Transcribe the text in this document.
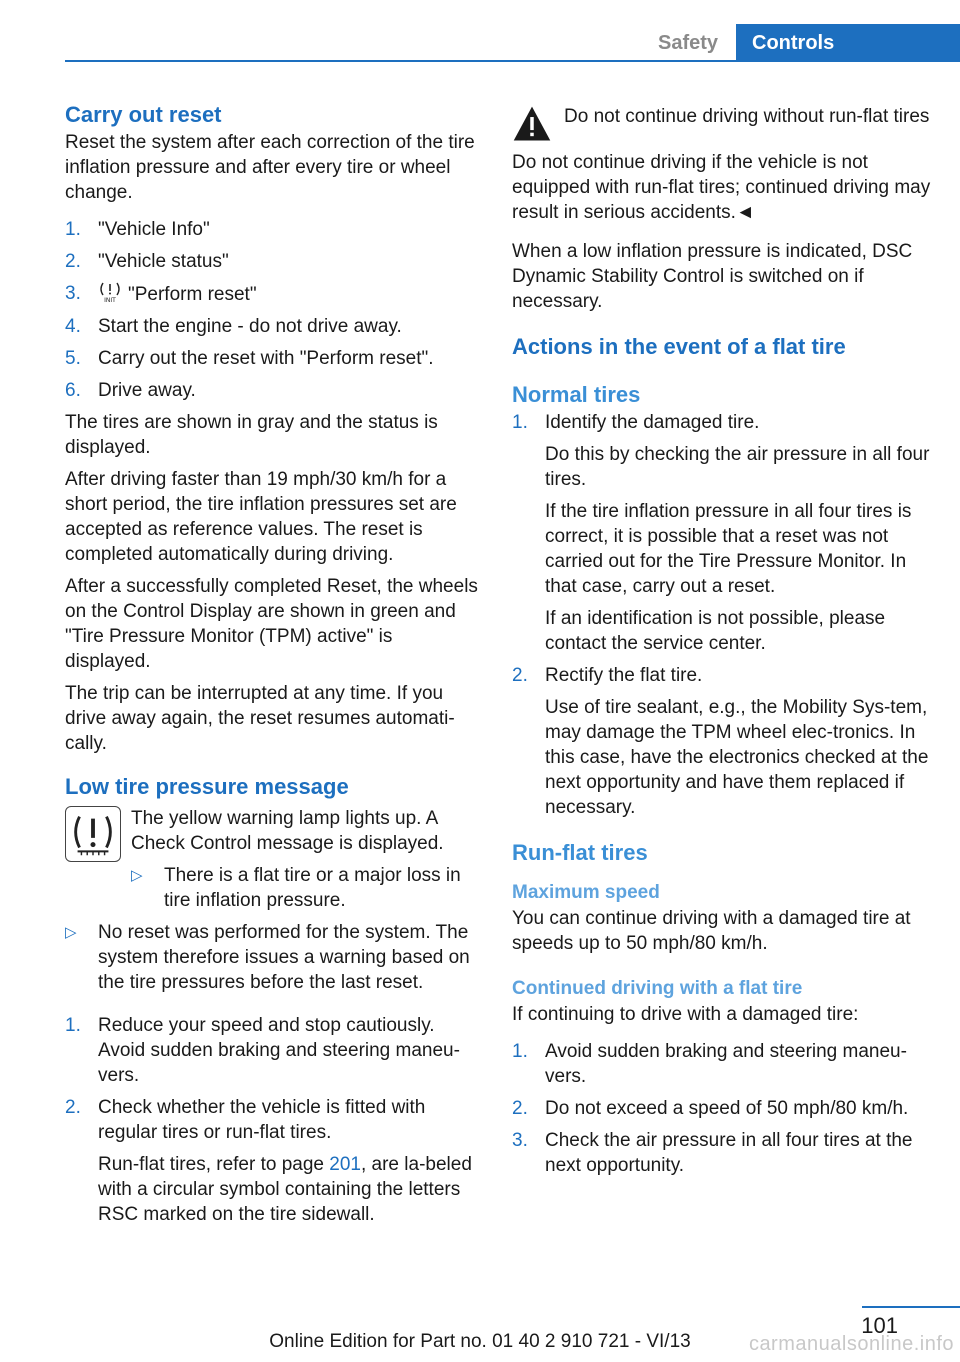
Safety	Controls
Carry out reset

Reset the system after each correction of the tire inflation pressure and after every tire or wheel change.

1. "Vehicle Info"
2. "Vehicle status"
3.	INIT "Perform reset"
4. Start the engine - do not drive away.
5. Carry out the reset with "Perform reset".
6. Drive away.

The tires are shown in gray and the status is displayed.

After driving faster than 19 mph/30 km/h for a short period, the tire inflation pressures set are accepted as reference values. The reset is completed automatically during driving.

After a successfully completed Reset, the wheels on the Control Display are shown in green and "Tire Pressure Monitor (TPM) active" is displayed.

The trip can be interrupted at any time. If you drive away again, the reset resumes automati‐cally.

Low tire pressure message

The yellow warning lamp lights up. A Check Control message is displayed.

▷	There is a flat tire or a major loss in tire inflation pressure.
▷	No reset was performed for the system. The system therefore issues a warning based on the tire pressures before the last reset.
1. Reduce your speed and stop cautiously. Avoid sudden braking and steering maneu‐vers.
2. Check whether the vehicle is fitted with regular tires or run-flat tires.

Run-flat tires, refer to page 201, are la‐beled with a circular symbol containing the letters RSC marked on the tire sidewall.

Do not continue driving without run-flat tires

Do not continue driving if the vehicle is not equipped with run-flat tires; continued driving may result in serious accidents.◄

When a low inflation pressure is indicated, DSC Dynamic Stability Control is switched on if necessary.

Actions in the event of a flat tire
Normal tires
1. Identify the damaged tire.

Do this by checking the air pressure in all four tires.

If the tire inflation pressure in all four tires is correct, it is possible that a reset was not carried out for the Tire Pressure Monitor. In that case, carry out a reset.

If an identification is not possible, please contact the service center.

2. Rectify the flat tire.

Use of tire sealant, e.g., the Mobility Sys‐tem, may damage the TPM wheel elec‐tronics. In this case, have the electronics checked at the next opportunity and have them replaced if necessary.

Run-flat tires
Maximum speed

You can continue driving with a damaged tire at speeds up to 50 mph/80 km/h.

Continued driving with a flat tire

If continuing to drive with a damaged tire:

1. Avoid sudden braking and steering maneu‐vers.
2. Do not exceed a speed of 50 mph/80 km/h.
3. Check the air pressure in all four tires at the next opportunity.
101
Online Edition for Part no. 01 40 2 910 721 - VI/13	carmanualsonline.info
